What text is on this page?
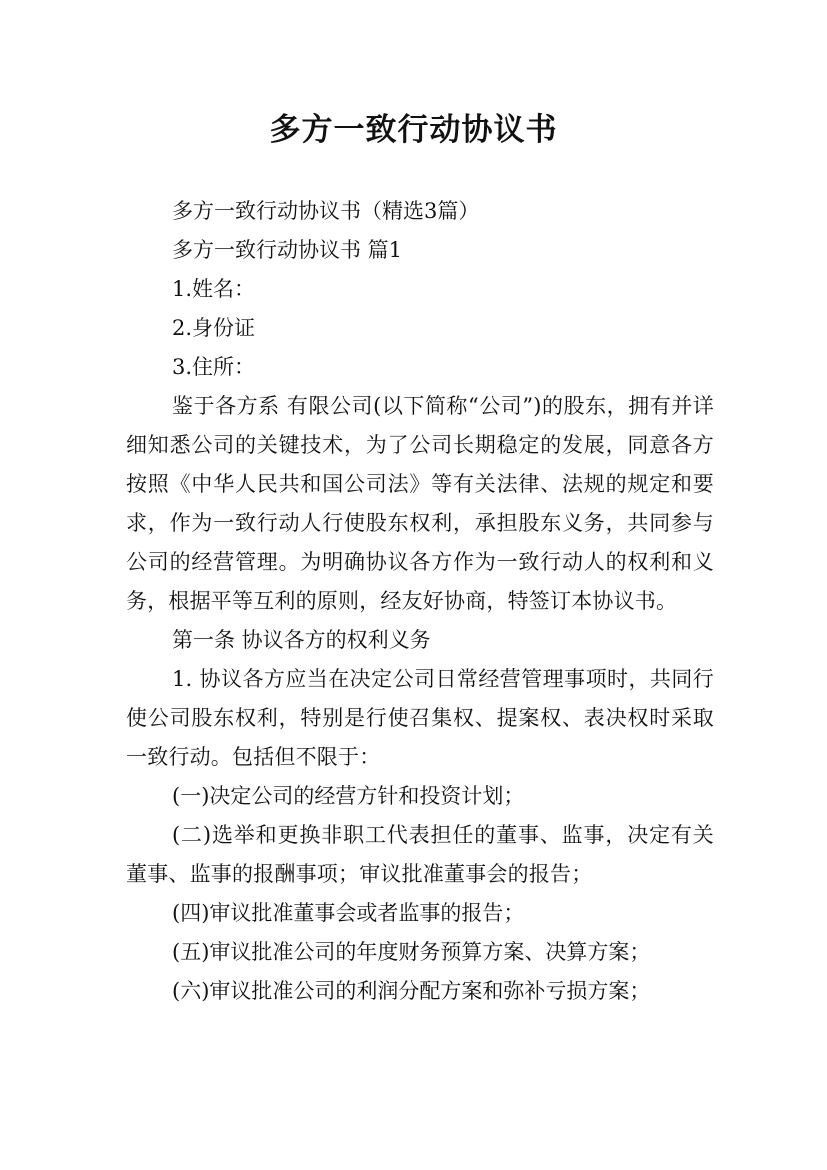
多方一致行动协议书

多方一致行动协议书（精选3篇）

多方一致行动协议书 篇1

1.姓名：

2.身份证

3.住所：

鉴于各方系 有限公司(以下简称“公司”)的股东，拥有并详细知悉公司的关键技术，为了公司长期稳定的发展，同意各方按照《中华人民共和国公司法》等有关法律、法规的规定和要求，作为一致行动人行使股东权利，承担股东义务，共同参与公司的经营管理。为明确协议各方作为一致行动人的权利和义务，根据平等互利的原则，经友好协商，特签订本协议书。

第一条 协议各方的权利义务

1. 协议各方应当在决定公司日常经营管理事项时，共同行使公司股东权利，特别是行使召集权、提案权、表决权时采取一致行动。包括但不限于：

(一)决定公司的经营方针和投资计划；

(二)选举和更换非职工代表担任的董事、监事，决定有关董事、监事的报酬事项；审议批准董事会的报告；

(四)审议批准董事会或者监事的报告；

(五)审议批准公司的年度财务预算方案、决算方案；

(六)审议批准公司的利润分配方案和弥补亏损方案；
